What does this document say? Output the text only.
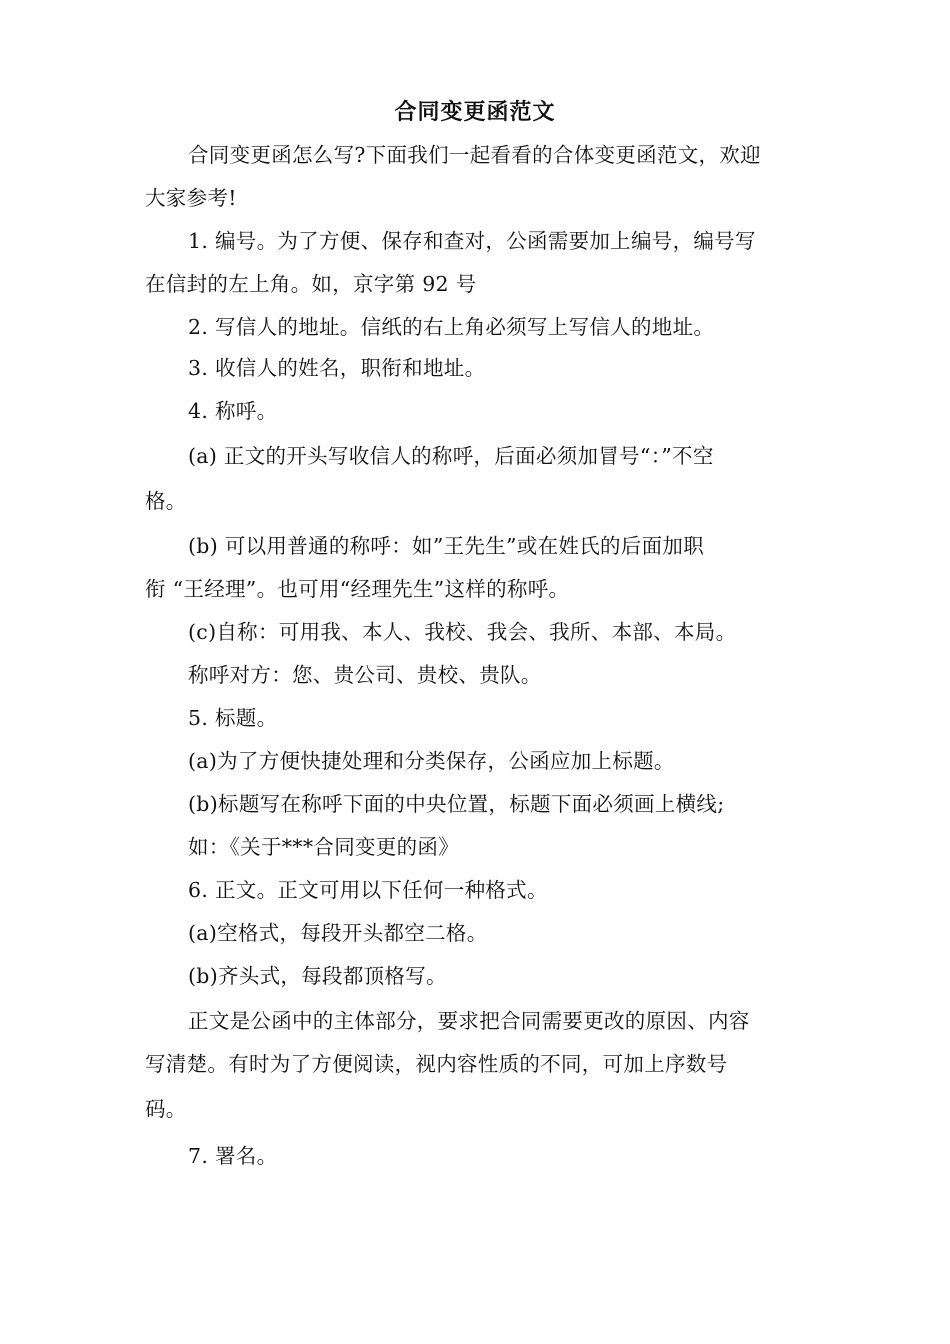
合同变更函范文
合同变更函怎么写?下面我们一起看看的合体变更函范文，欢迎
大家参考!
1. 编号。为了方便、保存和查对，公函需要加上编号，编号写
在信封的左上角。如，京字第 92 号
2. 写信人的地址。信纸的右上角必须写上写信人的地址。
3. 收信人的姓名，职衔和地址。
4. 称呼。
(a) 正文的开头写收信人的称呼，后面必须加冒号“：”不空
格。
(b) 可以用普通的称呼：如”王先生”或在姓氏的后面加职
衔 “王经理”。也可用“经理先生”这样的称呼。
(c)自称：可用我、本人、我校、我会、我所、本部、本局。
称呼对方：您、贵公司、贵校、贵队。
5. 标题。
(a)为了方便快捷处理和分类保存，公函应加上标题。
(b)标题写在称呼下面的中央位置，标题下面必须画上横线;
如：《关于***合同变更的函》
6. 正文。正文可用以下任何一种格式。
(a)空格式，每段开头都空二格。
(b)齐头式，每段都顶格写。
正文是公函中的主体部分，要求把合同需要更改的原因、内容
写清楚。有时为了方便阅读，视内容性质的不同，可加上序数号
码。
7. 署名。
